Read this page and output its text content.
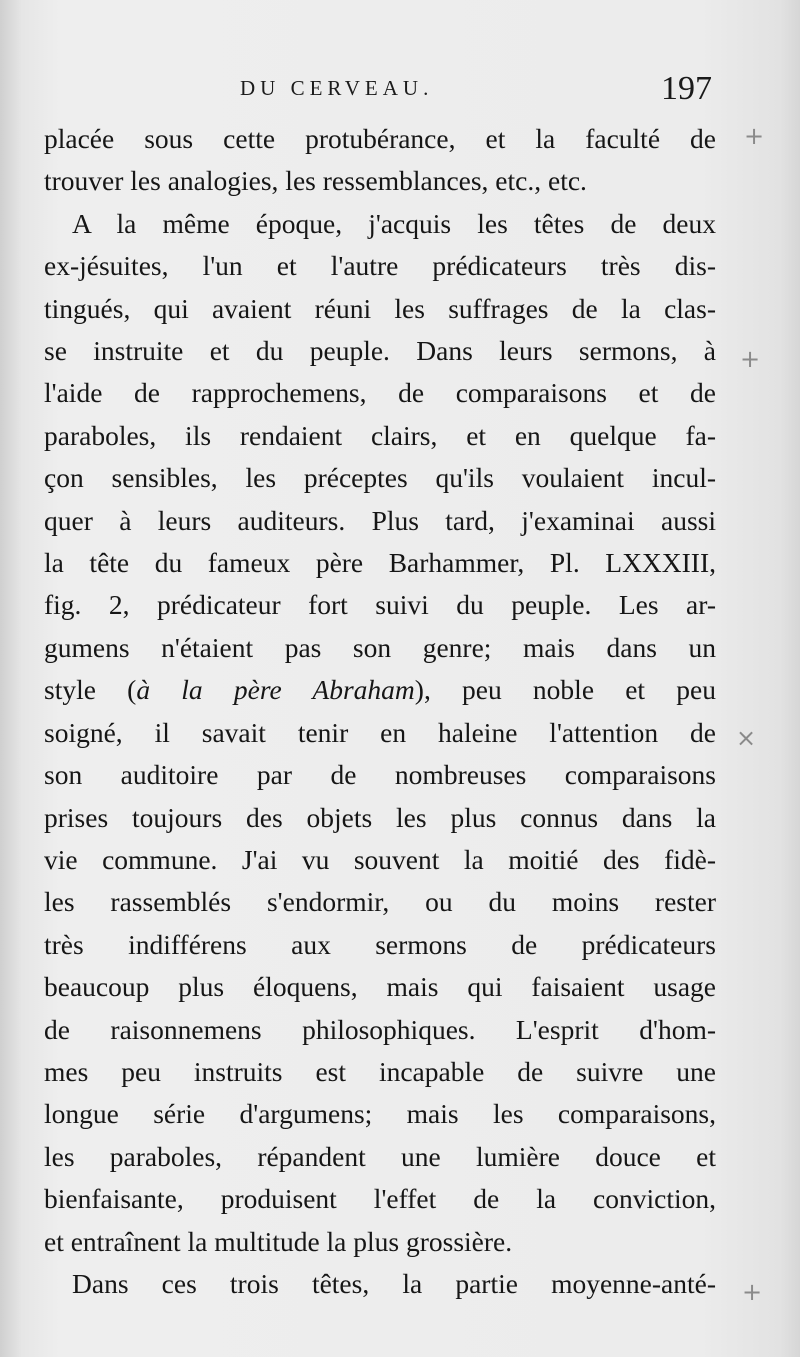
DU CERVEAU.	197
placée sous cette protubérance, et la faculté de
trouver les analogies, les ressemblances, etc., etc.
A la même époque, j'acquis les têtes de deux
ex-jésuites, l'un et l'autre prédicateurs très dis-
tingués, qui avaient réuni les suffrages de la clas-
se instruite et du peuple. Dans leurs sermons, à
l'aide de rapprochemens, de comparaisons et de
paraboles, ils rendaient clairs, et en quelque fa-
çon sensibles, les préceptes qu'ils voulaient incul-
quer à leurs auditeurs. Plus tard, j'examinai aussi
la tête du fameux père Barhammer, Pl. LXXXIII,
fig. 2, prédicateur fort suivi du peuple. Les ar-
gumens n'étaient pas son genre; mais dans un
style (à la père Abraham), peu noble et peu
soigné, il savait tenir en haleine l'attention de
son auditoire par de nombreuses comparaisons
prises toujours des objets les plus connus dans la
vie commune. J'ai vu souvent la moitié des fidè-
les rassemblés s'endormir, ou du moins rester
très indifférens aux sermons de prédicateurs
beaucoup plus éloquens, mais qui faisaient usage
de raisonnemens philosophiques. L'esprit d'hom-
mes peu instruits est incapable de suivre une
longue série d'argumens; mais les comparaisons,
les paraboles, répandent une lumière douce et
bienfaisante, produisent l'effet de la conviction,
et entraînent la multitude la plus grossière.
Dans ces trois têtes, la partie moyenne-anté-
+
+
×
+
